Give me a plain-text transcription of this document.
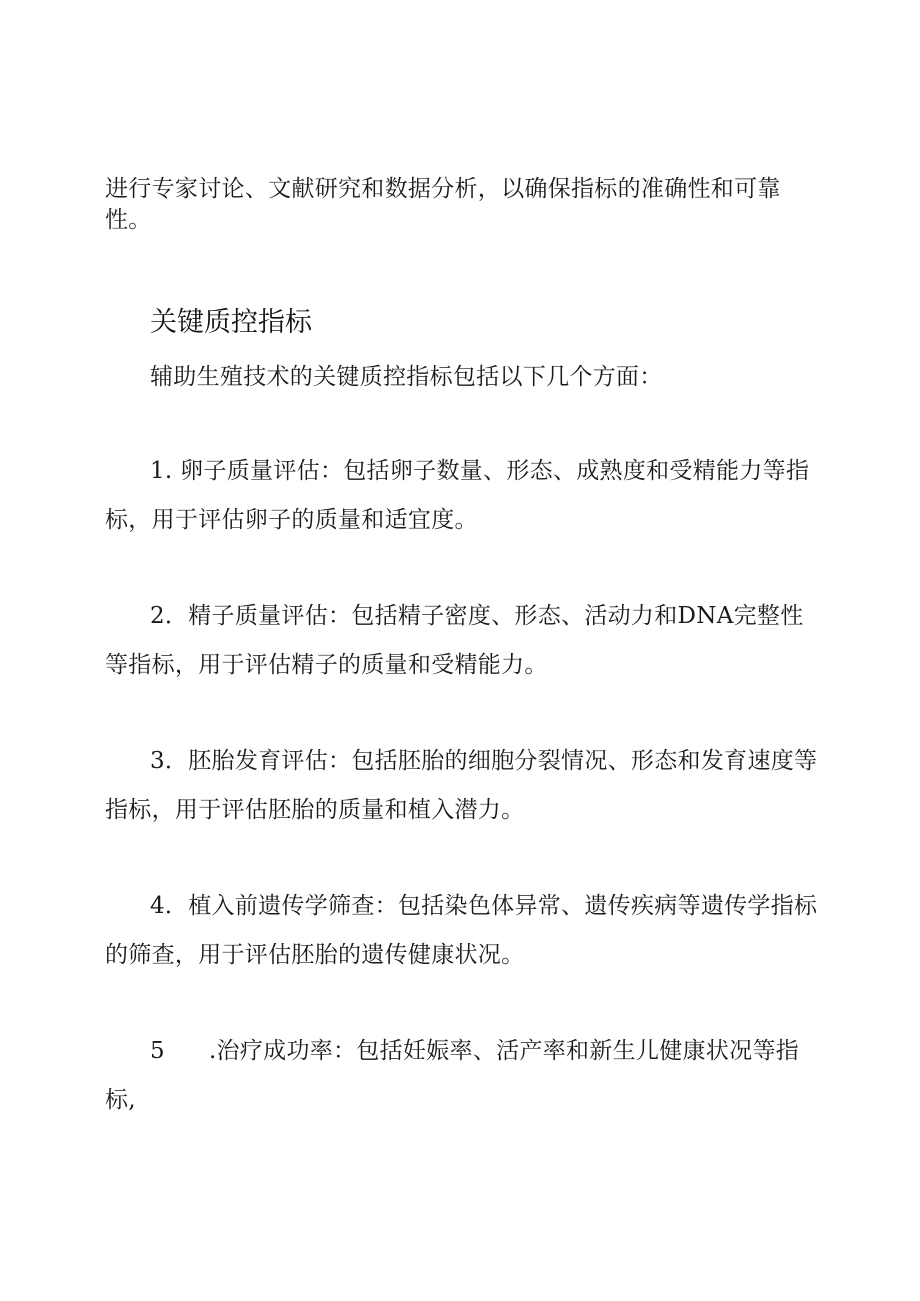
进行专家讨论、文献研究和数据分析，以确保指标的准确性和可靠
性。
关键质控指标
辅助生殖技术的关键质控指标包括以下几个方面：
1. 卵子质量评估：包括卵子数量、形态、成熟度和受精能力等指
标，用于评估卵子的质量和适宜度。
2．精子质量评估：包括精子密度、形态、活动力和DNA完整性
等指标，用于评估精子的质量和受精能力。
3．胚胎发育评估：包括胚胎的细胞分裂情况、形态和发育速度等
指标，用于评估胚胎的质量和植入潜力。
4．植入前遗传学筛查：包括染色体异常、遗传疾病等遗传学指标
的筛查，用于评估胚胎的遗传健康状况。
5 .治疗成功率：包括妊娠率、活产率和新生儿健康状况等指
标,
